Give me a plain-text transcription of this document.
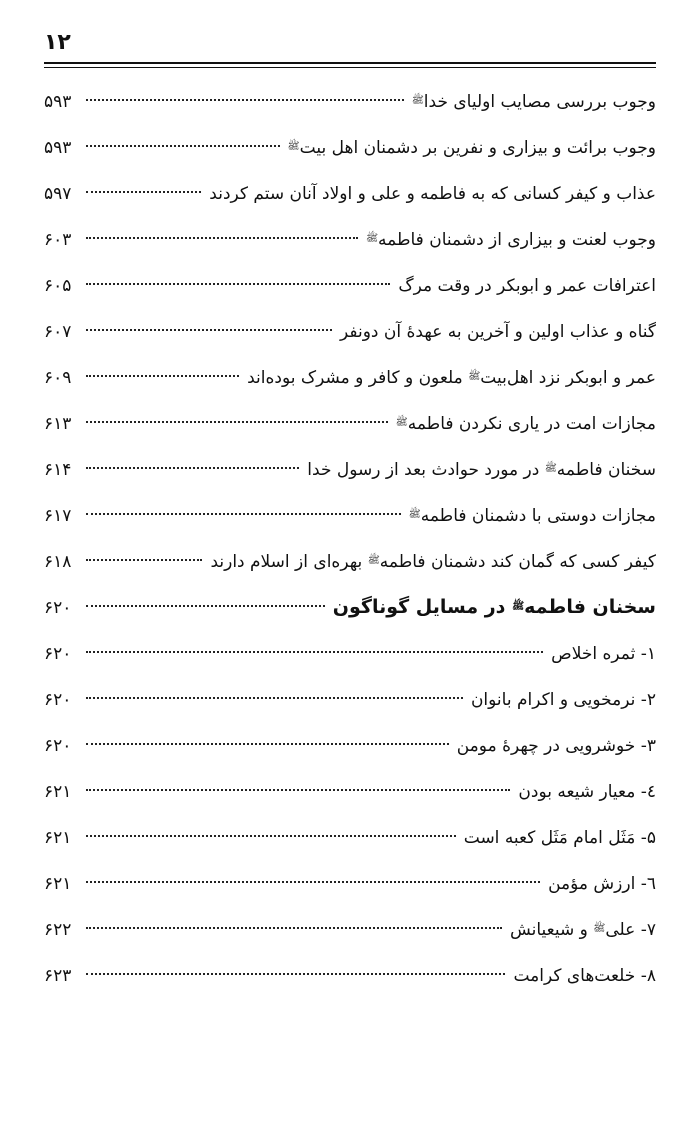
۱۲
وجوب بررسی مصایب اولیای خدا$^ﷺ$
۵۹۳
وجوب برائت و بیزاری و نفرین بر دشمنان اهل بیت$^ﷺ$
۵۹۳
عذاب و کیفر کسانی که به فاطمه و علی و اولاد آنان ستم کردند
۵۹۷
وجوب لعنت و بیزاری از دشمنان فاطمه$^ﷺ$
۶۰۳
اعترافات عمر و ابوبکر در وقت مرگ
۶۰۵
گناه و عذاب اولین و آخرین به عهدهٔ آن دونفر
۶۰۷
عمر و ابوبکر نزد اهل‌بیت$^ﷺ$ ملعون و کافر و مشرک بوده‌اند
۶۰۹
مجازات امت در یاری نکردن فاطمه$^ﷺ$
۶۱۳
سخنان فاطمه$^ﷺ$ در مورد حوادث بعد از رسول خدا
۶۱۴
مجازات دوستی با دشمنان فاطمه$^ﷺ$
۶۱۷
کیفر کسی که گمان کند دشمنان فاطمه$^ﷺ$ بهره‌ای از اسلام دارند
۶۱۸
سخنان فاطمه$^ﷺ$ در مسایل گوناگون
۶۲۰
۱- ثمره اخلاص
۶۲۰
۲- نرمخویی و اکرام بانوان
۶۲۰
۳- خوشرویی در چهرهٔ مومن
۶۲۰
٤- معیار شیعه بودن
۶۲۱
۵- مَثَل امام مَثَل کعبه است
۶۲۱
٦- ارزش مؤمن
۶۲۱
۷- علی$^ﷺ$ و شیعیانش
۶۲۲
۸- خلعت‌های کرامت
۶۲۳
